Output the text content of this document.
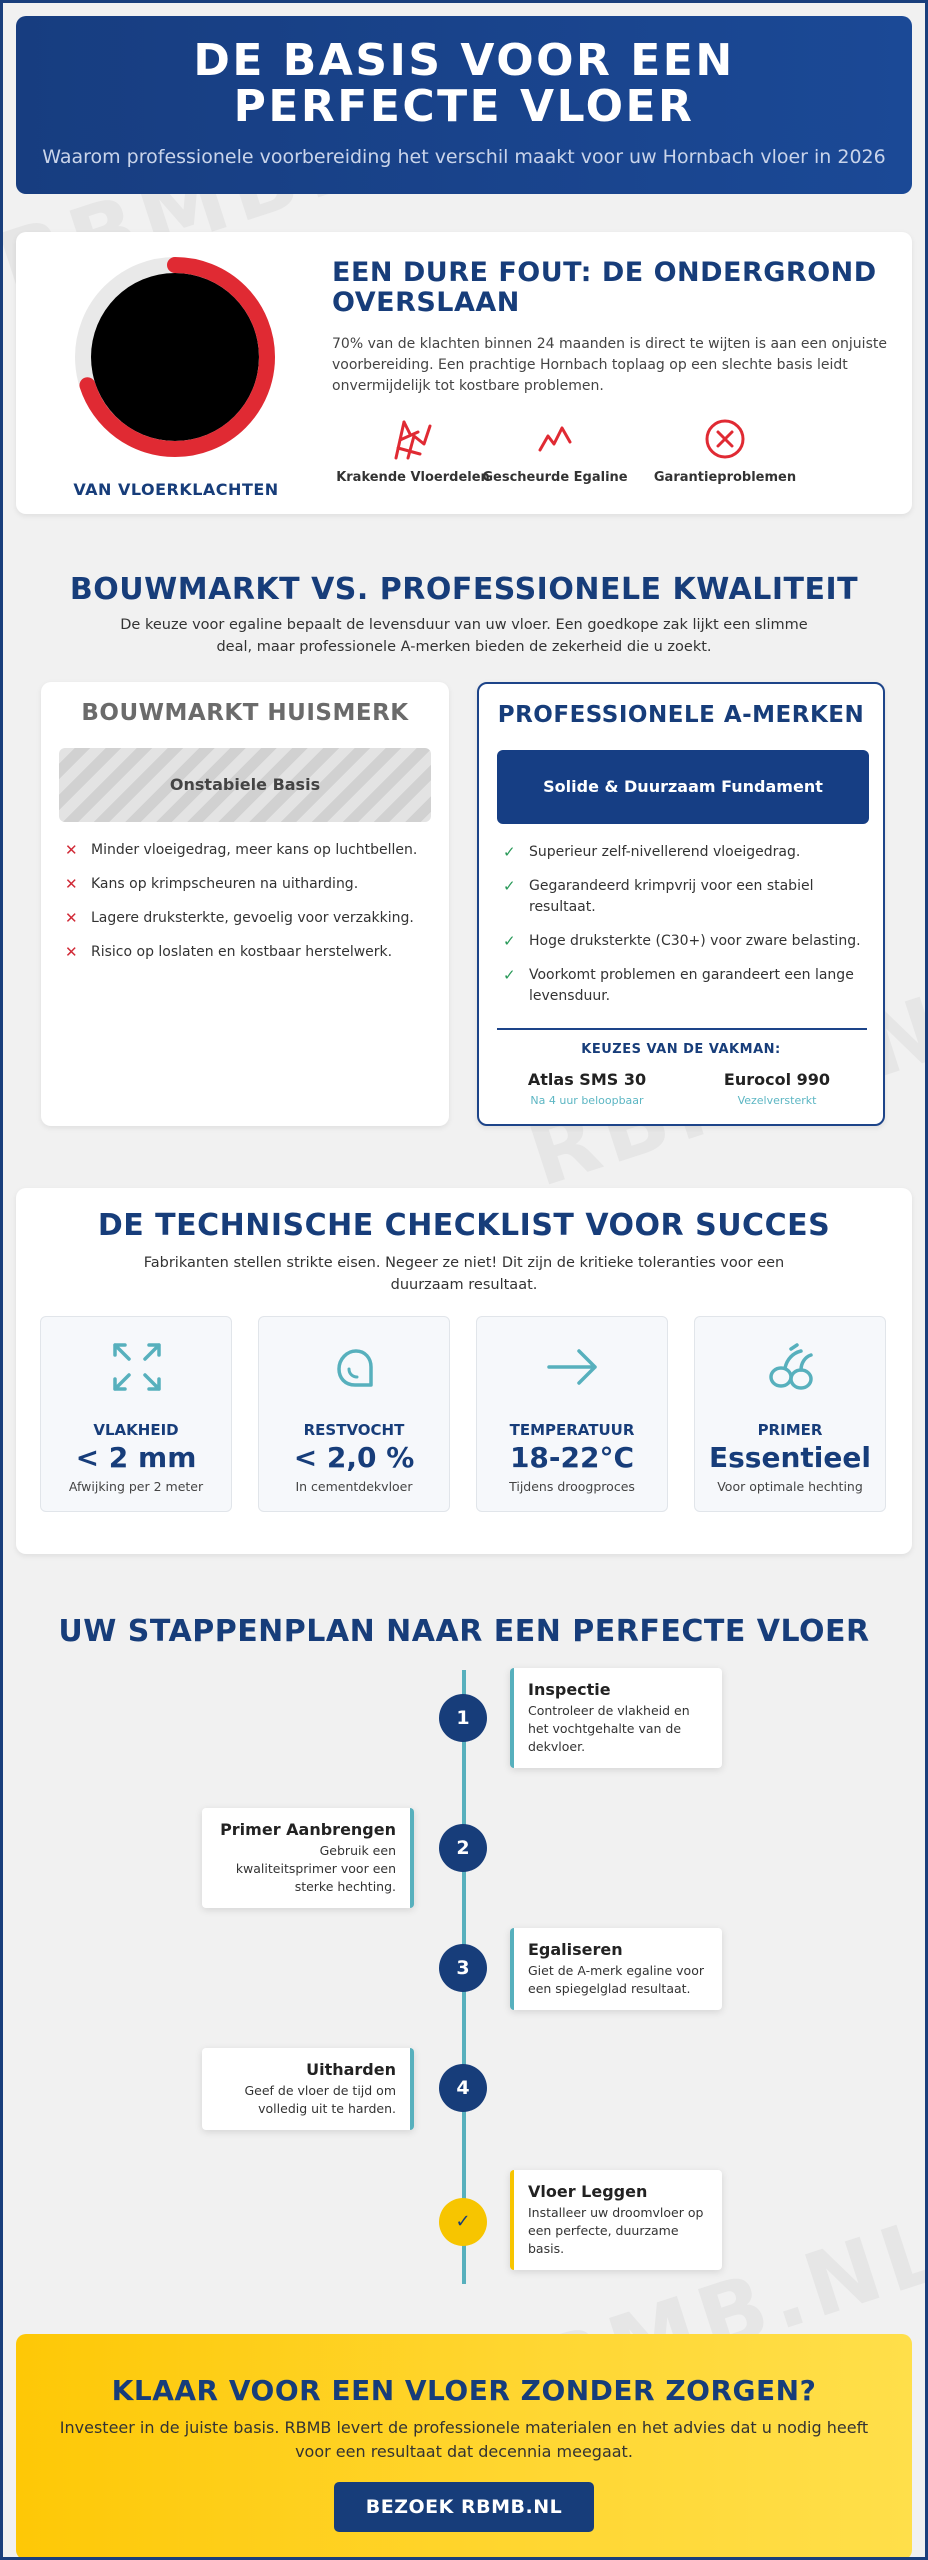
DE BASIS VOOR EEN
PERFECTE VLOER
Waarom professionele voorbereiding het verschil maakt voor uw Hornbach vloer in 2026
VAN VLOERKLACHTEN
EEN DURE FOUT: DE ONDERGROND OVERSLAAN
70% van de klachten binnen 24 maanden is direct te wijten is aan een onjuiste voorbereiding. Een prachtige Hornbach toplaag op een slechte basis leidt onvermijdelijk tot kostbare problemen.
Krakende Vloerdelen
Gescheurde Egaline	Garantieproblemen
BOUWMARKT VS. PROFESSIONELE KWALITEIT
De keuze voor egaline bepaalt de levensduur van uw vloer. Een goedkope zak lijkt een slimme deal, maar professionele A-merken bieden de zekerheid die u zoekt.
BOUWMARKT HUISMERK
Onstabiele Basis
✕ Minder vloeigedrag, meer kans op luchtbellen.
✕ Kans op krimpscheuren na uitharding.
✕ Lagere druksterkte, gevoelig voor verzakking.
✕ Risico op loslaten en kostbaar herstelwerk.
PROFESSIONELE A-MERKEN
Solide & Duurzaam Fundament
✓ Superieur zelf-nivellerend vloeigedrag.
✓ Gegarandeerd krimpvrij voor een stabiel resultaat.
✓ Hoge druksterkte (C30+) voor zware belasting.
✓ Voorkomt problemen en garandeert een lange levensduur.
KEUZES VAN DE VAKMAN:
Atlas SMS 30
Na 4 uur beloopbaar
Eurocol 990
Vezelversterkt
DE TECHNISCHE CHECKLIST VOOR SUCCES
Fabrikanten stellen strikte eisen. Negeer ze niet! Dit zijn de kritieke toleranties voor een duurzaam resultaat.
VLAKHEID
< 2 mm
Afwijking per 2 meter
RESTVOCHT
< 2,0 %
In cementdekvloer
TEMPERATUUR
18-22°C
Tijdens droogproces
PRIMER
Essentieel
Voor optimale hechting
UW STAPPENPLAN NAAR EEN PERFECTE VLOER
1
Inspectie

Controleer de vlakheid en het vochtgehalte van de dekvloer.

2
Primer Aanbrengen

Gebruik een kwaliteitsprimer voor een sterke hechting.

3
Egaliseren

Giet de A-merk egaline voor een spiegelglad resultaat.

4
Uitharden

Geef de vloer de tijd om volledig uit te harden.

✓
Vloer Leggen

Installeer uw droomvloer op een perfecte, duurzame basis.

KLAAR VOOR EEN VLOER ZONDER ZORGEN?
Investeer in de juiste basis. RBMB levert de professionele materialen en het advies dat u nodig heeft voor een resultaat dat decennia meegaat.
BEZOEK RBMB.NL
